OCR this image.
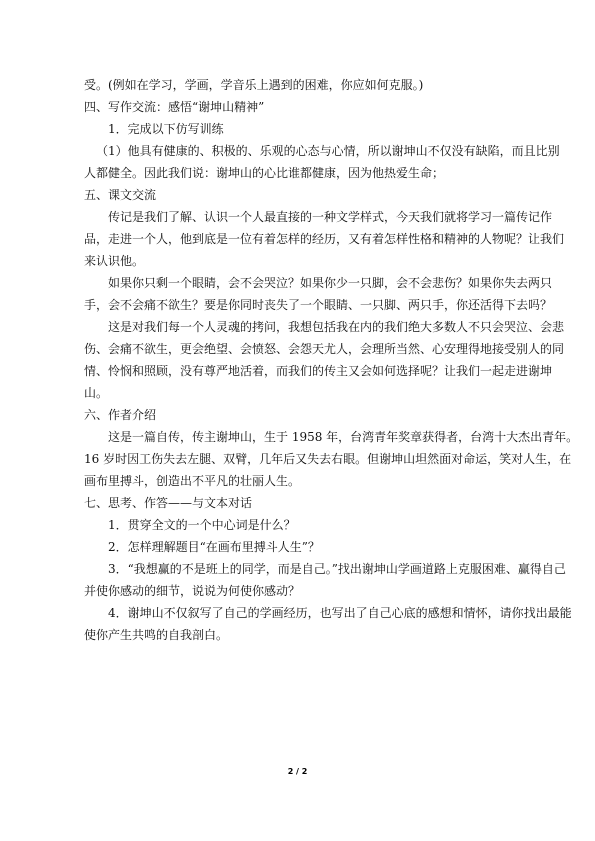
受。(例如在学习，学画，学音乐上遇到的困难，你应如何克服。)

四、写作交流：感悟“谢坤山精神”

1．完成以下仿写训练

（1）他具有健康的、积极的、乐观的心态与心情，所以谢坤山不仅没有缺陷，而且比别

人都健全。因此我们说：谢坤山的心比谁都健康，因为他热爱生命；

五、课文交流

传记是我们了解、认识一个人最直接的一种文学样式，今天我们就将学习一篇传记作

品，走进一个人，他到底是一位有着怎样的经历，又有着怎样性格和精神的人物呢？让我们

来认识他。

如果你只剩一个眼睛，会不会哭泣？如果你少一只脚，会不会悲伤？如果你失去两只

手，会不会痛不欲生？要是你同时丧失了一个眼睛、一只脚、两只手，你还活得下去吗？

这是对我们每一个人灵魂的拷问，我想包括我在内的我们绝大多数人不只会哭泣、会悲

伤、会痛不欲生，更会绝望、会愤怒、会怨天尤人，会理所当然、心安理得地接受别人的同

情、怜悯和照顾，没有尊严地活着，而我们的传主又会如何选择呢？让我们一起走进谢坤

山。

六、作者介绍

这是一篇自传，传主谢坤山，生于 1958 年，台湾青年奖章获得者，台湾十大杰出青年。

16 岁时因工伤失去左腿、双臂，几年后又失去右眼。但谢坤山坦然面对命运，笑对人生，在

画布里搏斗，创造出不平凡的壮丽人生。

七、思考、作答——与文本对话

1．贯穿全文的一个中心词是什么？

2．怎样理解题目“在画布里搏斗人生”？

3．“我想赢的不是班上的同学，而是自己。”找出谢坤山学画道路上克服困难、赢得自己

并使你感动的细节，说说为何使你感动？

4．谢坤山不仅叙写了自己的学画经历，也写出了自己心底的感想和情怀，请你找出最能

使你产生共鸣的自我剖白。

2 / 2
